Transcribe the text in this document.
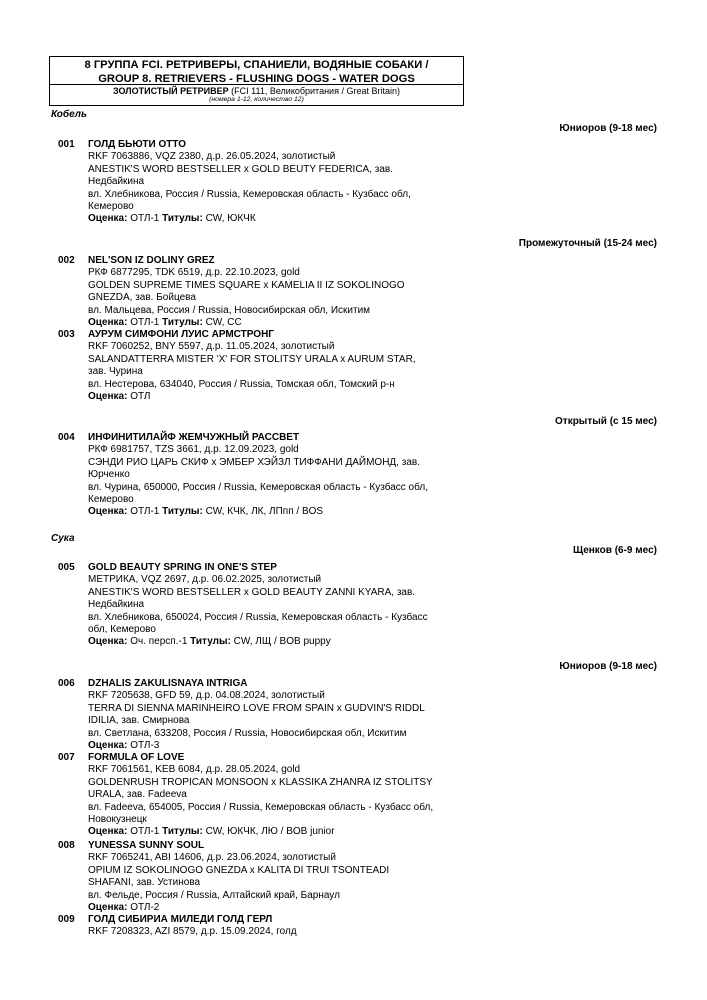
8 ГРУППА FCI. РЕТРИВЕРЫ, СПАНИЕЛИ, ВОДЯНЫЕ СОБАКИ /
GROUP 8. RETRIEVERS - FLUSHING DOGS - WATER DOGS
ЗОЛОТИСТЫЙ РЕТРИВЕР (FCI 111, Великобритания / Great Britain)
(номера 1-12, количество 12)
Кобель
Юниоров (9-18 мес)
001 ГОЛД БЬЮТИ ОТТО
RKF 7063886, VQZ 2380, д.р. 26.05.2024, золотистый
ANESTIK'S WORD BESTSELLER x GOLD BEUTY FEDERICA, зав.
Недбайкина
вл. Хлебникова, Россия / Russia, Кемеровская область - Кузбасс обл,
Кемерово
Оценка: ОТЛ-1 Титулы: CW, ЮКЧК
Промежуточный (15-24 мес)
002 NEL'SON IZ DOLINY GREZ
РКФ 6877295, TDK 6519, д.р. 22.10.2023, gold
GOLDEN SUPREME TIMES SQUARE x KAMELIA II IZ SOKOLINOGO
GNEZDA, зав. Бойцева
вл. Мальцева, Россия / Russia, Новосибирская обл, Искитим
Оценка: ОТЛ-1 Титулы: CW, CC
003 АУРУМ СИМФОНИ ЛУИС АРМСТРОНГ
RKF 7060252, BNY 5597, д.р. 11.05.2024, золотистый
SALANDATTERRA MISTER 'X' FOR STOLITSY URALA x AURUM STAR,
зав. Чурина
вл. Нестерова, 634040, Россия / Russia, Томская обл, Томский р-н
Оценка: ОТЛ
Открытый (с 15 мес)
004 ИНФИНИТИЛАЙФ ЖЕМЧУЖНЫЙ РАССВЕТ
РКФ 6981757, TZS 3661, д.р. 12.09.2023, gold
СЭНДИ РИО ЦАРЬ СКИФ x ЭМБЕР ХЭЙЗЛ ТИФФАНИ ДАЙМОНД, зав.
Юрченко
вл. Чурина, 650000, Россия / Russia, Кемеровская область - Кузбасс обл,
Кемерово
Оценка: ОТЛ-1 Титулы: CW, КЧК, ЛК, ЛПпп / BOS
Сука
Щенков (6-9 мес)
005 GOLD BEAUTY SPRING IN ONE'S STEP
МЕТРИКА, VQZ 2697, д.р. 06.02.2025, золотистый
ANESTIK'S WORD BESTSELLER x GOLD BEAUTY ZANNI KYARA, зав.
Недбайкина
вл. Хлебникова, 650024, Россия / Russia, Кемеровская область - Кузбасс
обл, Кемерово
Оценка: Оч. персп.-1 Титулы: CW, ЛЩ / BOB puppy
Юниоров (9-18 мес)
006 DZHALIS ZAKULISNAYA INTRIGA
RKF 7205638, GFD 59, д.р. 04.08.2024, золотистый
TERRA DI SIENNA MARINHEIRO LOVE FROM SPAIN x GUDVIN'S RIDDL
IDILIA, зав. Смирнова
вл. Светлана, 633208, Россия / Russia, Новосибирская обл, Искитим
Оценка: ОТЛ-3
007 FORMULA OF LOVE
RKF 7061561, KEB 6084, д.р. 28.05.2024, gold
GOLDENRUSH TROPICAN MONSOON x KLASSIKA ZHANRA IZ STOLITSY
URALA, зав. Fadeeva
вл. Fadeeva, 654005, Россия / Russia, Кемеровская область - Кузбасс обл,
Новокузнецк
Оценка: ОТЛ-1 Титулы: CW, ЮКЧК, ЛЮ / BOB junior
008 YUNESSA SUNNY SOUL
RKF 7065241, ABI 14606, д.р. 23.06.2024, золотистый
OPIUM IZ SOKOLINOGO GNEZDA x KALITA DI TRUI TSONTEADI
SHAFANI, зав. Устинова
вл. Фельде, Россия / Russia, Алтайский край, Барнаул
Оценка: ОТЛ-2
009 ГОЛД СИБИРИА МИЛЕДИ ГОЛД ГЕРЛ
RKF 7208323, AZI 8579, д.р. 15.09.2024, голд
